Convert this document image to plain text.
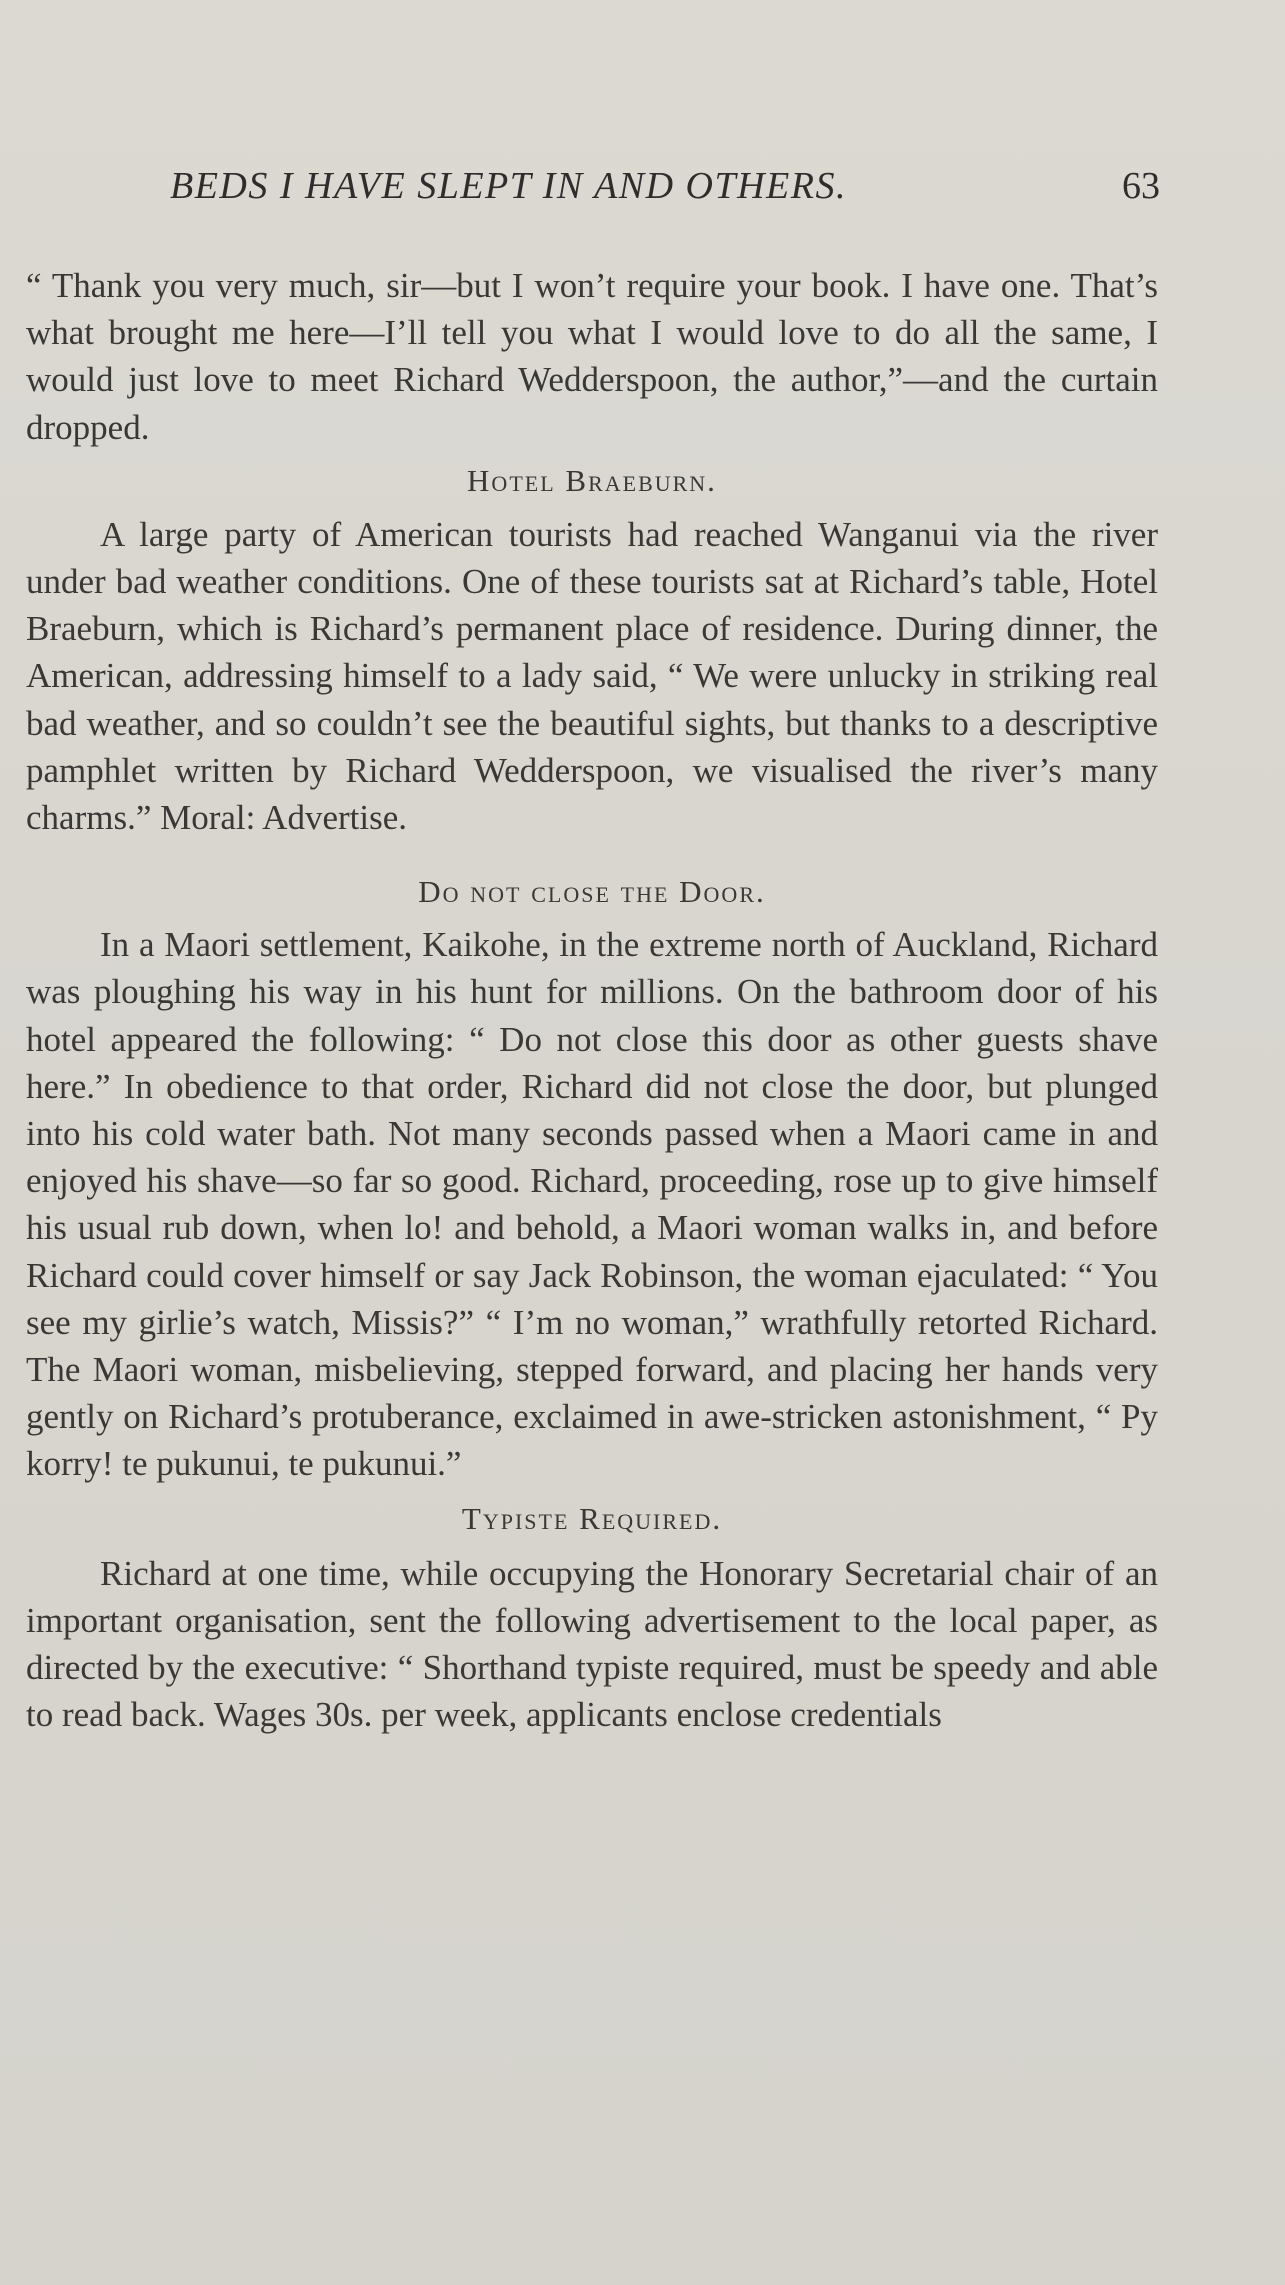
BEDS I HAVE SLEPT IN AND OTHERS.	63

“ Thank you very much, sir—but I won’t require your book. I have one. That’s what brought me here—I’ll tell you what I would love to do all the same, I would just love to meet Richard Wedderspoon, the author,”—and the curtain dropped.

Hotel Braeburn.

A large party of American tourists had reached Wanganui via the river under bad weather conditions. One of these tourists sat at Richard’s table, Hotel Braeburn, which is Richard’s permanent place of residence. During dinner, the American, addressing himself to a lady said, “ We were unlucky in striking real bad weather, and so couldn’t see the beautiful sights, but thanks to a descriptive pamphlet written by Richard Wedderspoon, we visualised the river’s many charms.” Moral: Advertise.

Do not close the Door.

In a Maori settlement, Kaikohe, in the extreme north of Auckland, Richard was ploughing his way in his hunt for millions. On the bathroom door of his hotel appeared the following: “ Do not close this door as other guests shave here.” In obedience to that order, Richard did not close the door, but plunged into his cold water bath. Not many seconds passed when a Maori came in and enjoyed his shave—so far so good. Richard, proceeding, rose up to give himself his usual rub down, when lo! and behold, a Maori woman walks in, and before Richard could cover himself or say Jack Robinson, the woman ejaculated: “ You see my girlie’s watch, Missis?” “ I’m no woman,” wrathfully retorted Richard. The Maori woman, misbelieving, stepped forward, and placing her hands very gently on Richard’s protuberance, exclaimed in awe-stricken astonishment, “ Py korry! te pukunui, te pukunui.”

Typiste Required.

Richard at one time, while occupying the Honorary Secretarial chair of an important organisation, sent the following advertisement to the local paper, as directed by the executive: “ Shorthand typiste required, must be speedy and able to read back. Wages 30s. per week, applicants enclose credentials
